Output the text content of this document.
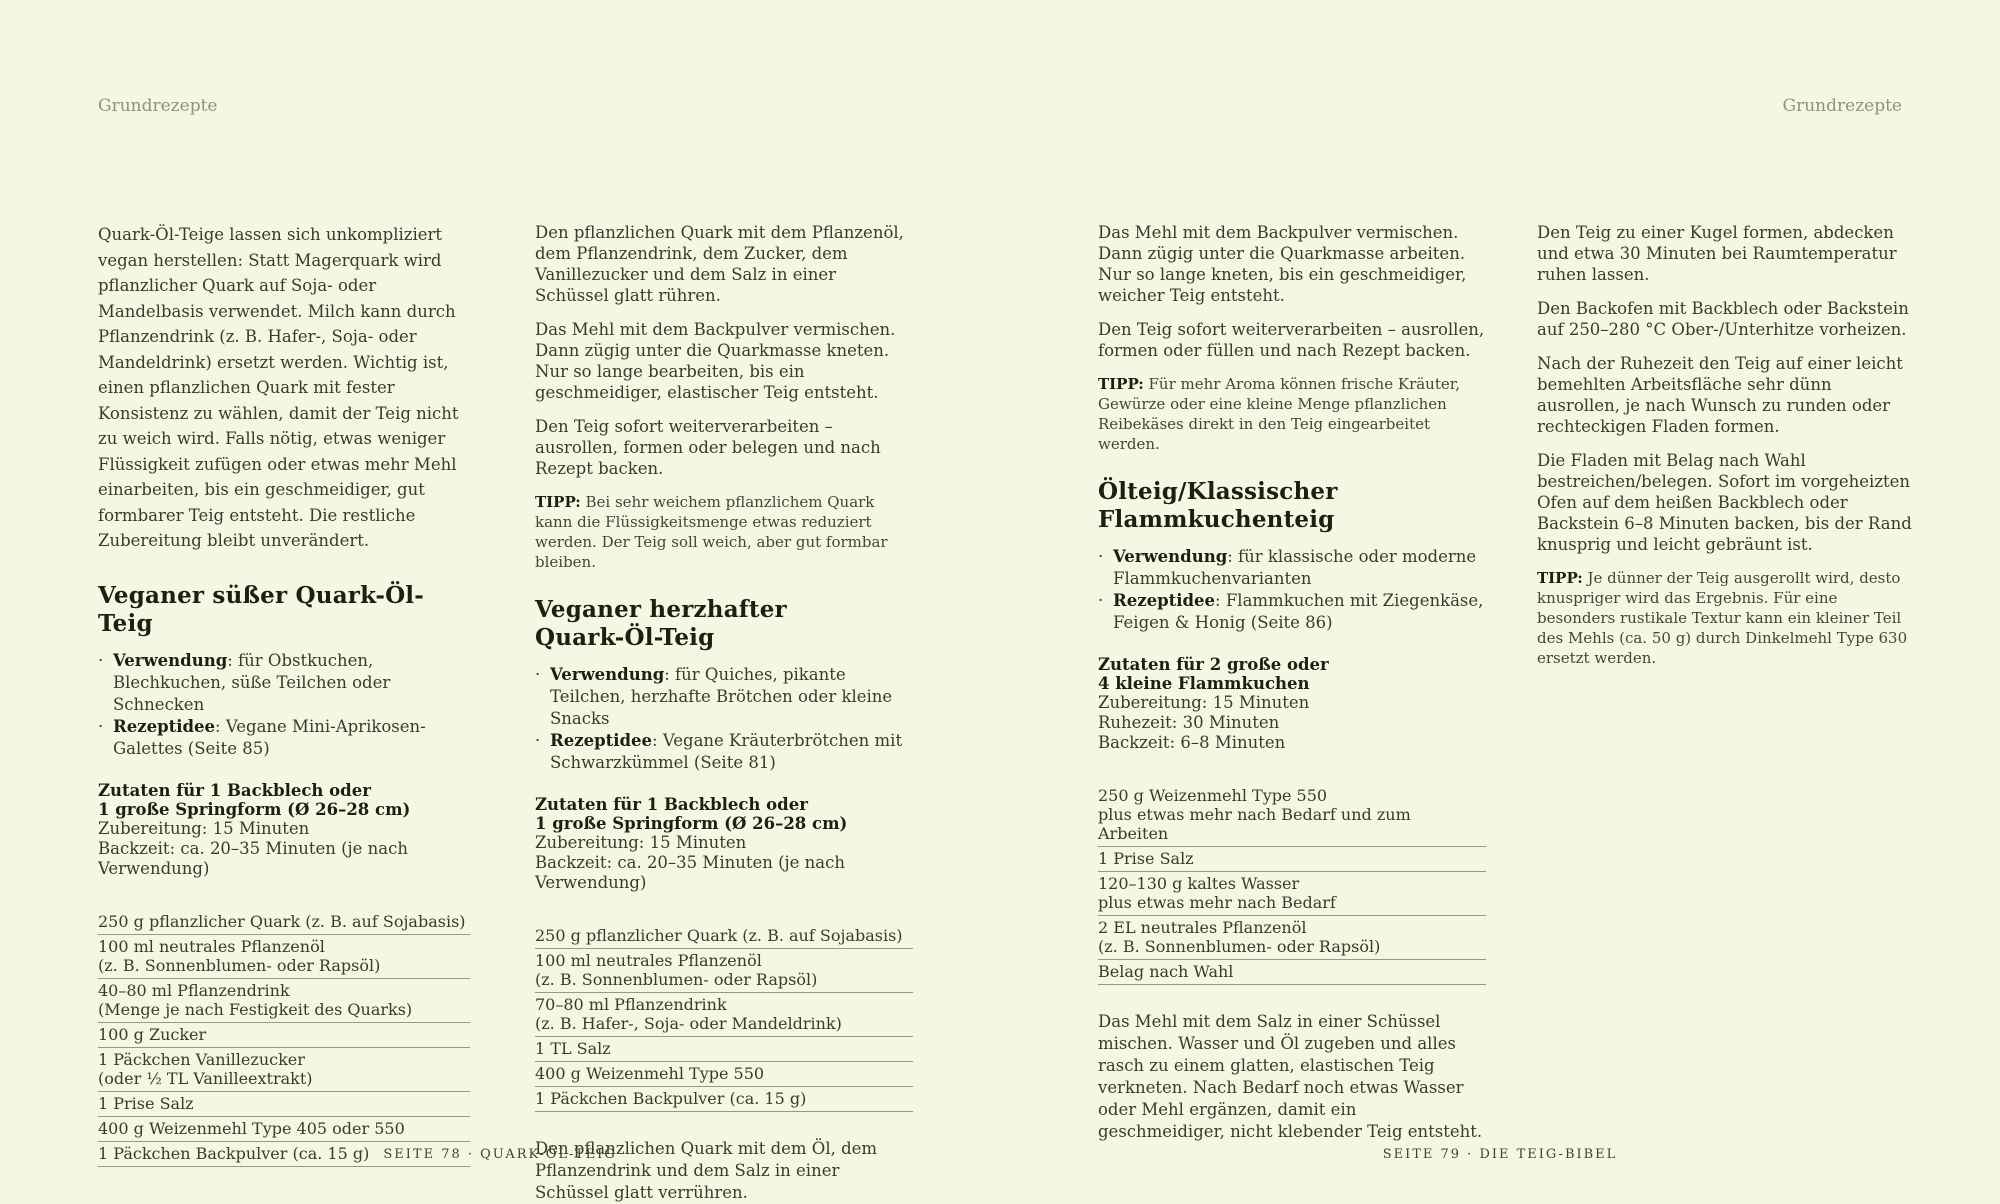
Grundrezepte	Grundrezepte

Quark-Öl-Teige lassen sich unkompliziert vegan herstellen: Statt Magerquark wird pflanzlicher Quark auf Soja- oder Mandelbasis verwendet. Milch kann durch Pflanzendrink (z. B. Hafer-, Soja- oder Mandeldrink) ersetzt werden. Wichtig ist, einen pflanzlichen Quark mit fester Konsistenz zu wählen, damit der Teig nicht zu weich wird. Falls nötig, etwas weniger Flüssigkeit zufügen oder etwas mehr Mehl einarbeiten, bis ein geschmeidiger, gut formbarer Teig entsteht. Die restliche Zubereitung bleibt unverändert.

Veganer süßer Quark-Öl-Teig
· Verwendung: für Obstkuchen, Blechkuchen, süße Teilchen oder Schnecken
· Rezeptidee: Vegane Mini-Aprikosen-Galettes (Seite 85)
Zutaten für 1 Backblech oder
1 große Springform (Ø 26–28 cm)
Zubereitung: 15 Minuten
Backzeit: ca. 20–35 Minuten (je nach Verwendung)
250 g pflanzlicher Quark (z. B. auf Sojabasis)
100 ml neutrales Pflanzenöl
(z. B. Sonnenblumen- oder Rapsöl)
40–80 ml Pflanzendrink
(Menge je nach Festigkeit des Quarks)
100 g Zucker
1 Päckchen Vanillezucker
(oder ½ TL Vanilleextrakt)
1 Prise Salz
400 g Weizenmehl Type 405 oder 550
1 Päckchen Backpulver (ca. 15 g)

Den pflanzlichen Quark mit dem Pflanzenöl, dem Pflanzendrink, dem Zucker, dem Vanillezucker und dem Salz in einer Schüssel glatt rühren.

Das Mehl mit dem Backpulver vermischen. Dann zügig unter die Quarkmasse kneten. Nur so lange bearbeiten, bis ein geschmeidiger, elastischer Teig entsteht.

Den Teig sofort weiterverarbeiten – ausrollen, formen oder belegen und nach Rezept backen.

TIPP: Bei sehr weichem pflanzlichem Quark kann die Flüssigkeitsmenge etwas reduziert werden. Der Teig soll weich, aber gut formbar bleiben.

Veganer herzhafter
Quark-Öl-Teig
· Verwendung: für Quiches, pikante Teilchen, herzhafte Brötchen oder kleine Snacks
· Rezeptidee: Vegane Kräuterbrötchen mit Schwarzkümmel (Seite 81)
Zutaten für 1 Backblech oder
1 große Springform (Ø 26–28 cm)
Zubereitung: 15 Minuten
Backzeit: ca. 20–35 Minuten (je nach Verwendung)
250 g pflanzlicher Quark (z. B. auf Sojabasis)
100 ml neutrales Pflanzenöl
(z. B. Sonnenblumen- oder Rapsöl)
70–80 ml Pflanzendrink
(z. B. Hafer-, Soja- oder Mandeldrink)
1 TL Salz
400 g Weizenmehl Type 550
1 Päckchen Backpulver (ca. 15 g)

Den pflanzlichen Quark mit dem Öl, dem Pflanzendrink und dem Salz in einer Schüssel glatt verrühren.

Das Mehl mit dem Backpulver vermischen. Dann zügig unter die Quarkmasse arbeiten. Nur so lange kneten, bis ein geschmeidiger, weicher Teig entsteht.

Den Teig sofort weiterverarbeiten – ausrollen, formen oder füllen und nach Rezept backen.

TIPP: Für mehr Aroma können frische Kräuter, Gewürze oder eine kleine Menge pflanzlichen Reibekäses direkt in den Teig eingearbeitet werden.

Ölteig/Klassischer
Flammkuchenteig
· Verwendung: für klassische oder moderne Flammkuchenvarianten
· Rezeptidee: Flammkuchen mit Ziegenkäse, Feigen & Honig (Seite 86)
Zutaten für 2 große oder
4 kleine Flammkuchen
Zubereitung: 15 Minuten
Ruhezeit: 30 Minuten
Backzeit: 6–8 Minuten
250 g Weizenmehl Type 550
plus etwas mehr nach Bedarf und zum Arbeiten
1 Prise Salz
120–130 g kaltes Wasser
plus etwas mehr nach Bedarf
2 EL neutrales Pflanzenöl
(z. B. Sonnenblumen- oder Rapsöl)
Belag nach Wahl

Das Mehl mit dem Salz in einer Schüssel mischen. Wasser und Öl zugeben und alles rasch zu einem glatten, elastischen Teig verkneten. Nach Bedarf noch etwas Wasser oder Mehl ergänzen, damit ein geschmeidiger, nicht klebender Teig entsteht.

Den Teig zu einer Kugel formen, abdecken und etwa 30 Minuten bei Raumtemperatur ruhen lassen.

Den Backofen mit Backblech oder Backstein auf 250–280 °C Ober-/Unterhitze vorheizen.

Nach der Ruhezeit den Teig auf einer leicht bemehlten Arbeitsfläche sehr dünn ausrollen, je nach Wunsch zu runden oder rechteckigen Fladen formen.

Die Fladen mit Belag nach Wahl bestreichen/belegen. Sofort im vorgeheizten Ofen auf dem heißen Backblech oder Backstein 6–8 Minuten backen, bis der Rand knusprig und leicht gebräunt ist.

TIPP: Je dünner der Teig ausgerollt wird, desto knuspriger wird das Ergebnis. Für eine besonders rustikale Textur kann ein kleiner Teil des Mehls (ca. 50 g) durch Dinkelmehl Type 630 ersetzt werden.

SEITE 78 · QUARK-ÖL-TEIG	SEITE 79 · DIE TEIG-BIBEL
